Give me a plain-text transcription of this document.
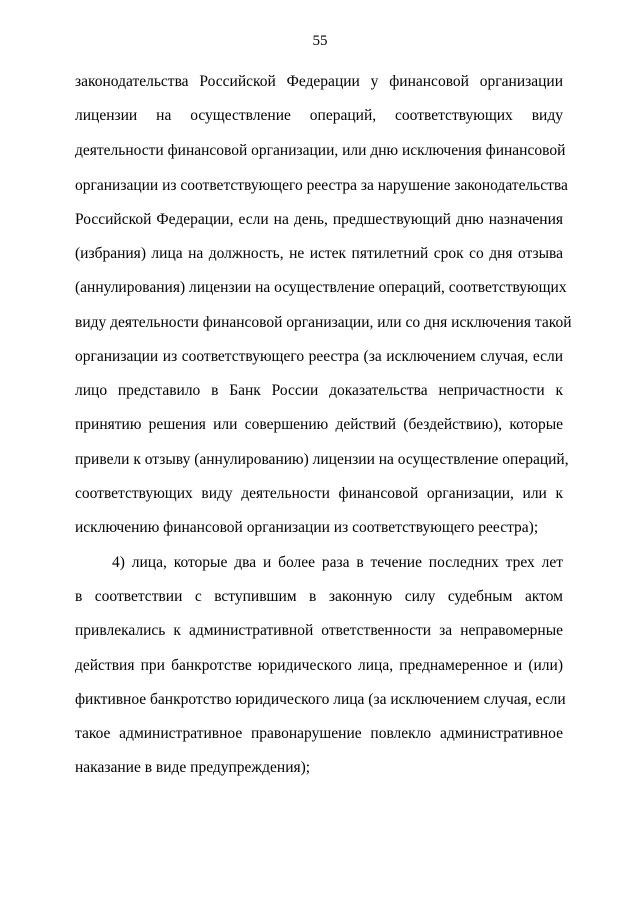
55
законодательства Российской Федерации у финансовой организации
лицензии на осуществление операций, соответствующих виду
деятельности финансовой организации, или дню исключения финансовой
организации из соответствующего реестра за нарушение законодательства
Российской Федерации, если на день, предшествующий дню назначения
(избрания) лица на должность, не истек пятилетний срок со дня отзыва
(аннулирования) лицензии на осуществление операций, соответствующих
виду деятельности финансовой организации, или со дня исключения такой
организации из соответствующего реестра (за исключением случая, если
лицо представило в Банк России доказательства непричастности к
принятию решения или совершению действий (бездействию), которые
привели к отзыву (аннулированию) лицензии на осуществление операций,
соответствующих виду деятельности финансовой организации, или к
исключению финансовой организации из соответствующего реестра);
4) лица, которые два и более раза в течение последних трех лет
в соответствии с вступившим в законную силу судебным актом
привлекались к административной ответственности за неправомерные
действия при банкротстве юридического лица, преднамеренное и (или)
фиктивное банкротство юридического лица (за исключением случая, если
такое административное правонарушение повлекло административное
наказание в виде предупреждения);
